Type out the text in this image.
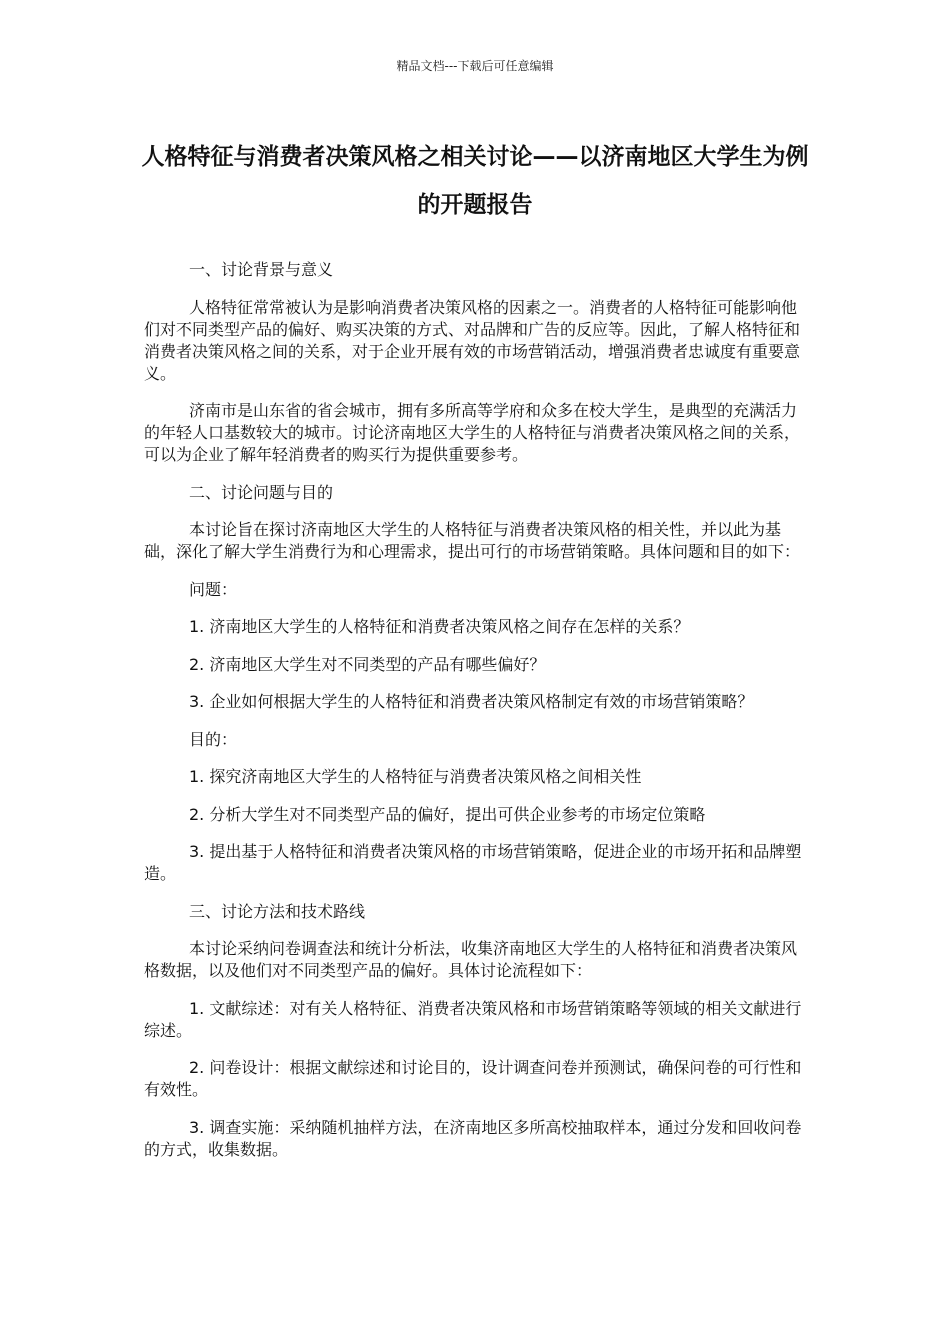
精品文档---下载后可任意编辑
人格特征与消费者决策风格之相关讨论——以济南地区大学生为例的开题报告

一、讨论背景与意义

人格特征常常被认为是影响消费者决策风格的因素之一。消费者的人格特征可能影响他们对不同类型产品的偏好、购买决策的方式、对品牌和广告的反应等。因此，了解人格特征和消费者决策风格之间的关系，对于企业开展有效的市场营销活动，增强消费者忠诚度有重要意义。

济南市是山东省的省会城市，拥有多所高等学府和众多在校大学生，是典型的充满活力的年轻人口基数较大的城市。讨论济南地区大学生的人格特征与消费者决策风格之间的关系，可以为企业了解年轻消费者的购买行为提供重要参考。

二、讨论问题与目的

本讨论旨在探讨济南地区大学生的人格特征与消费者决策风格的相关性，并以此为基础，深化了解大学生消费行为和心理需求，提出可行的市场营销策略。具体问题和目的如下：

问题：

1. 济南地区大学生的人格特征和消费者决策风格之间存在怎样的关系？

2. 济南地区大学生对不同类型的产品有哪些偏好？

3. 企业如何根据大学生的人格特征和消费者决策风格制定有效的市场营销策略？

目的：

1. 探究济南地区大学生的人格特征与消费者决策风格之间相关性

2. 分析大学生对不同类型产品的偏好，提出可供企业参考的市场定位策略

3. 提出基于人格特征和消费者决策风格的市场营销策略，促进企业的市场开拓和品牌塑造。

三、讨论方法和技术路线

本讨论采纳问卷调查法和统计分析法，收集济南地区大学生的人格特征和消费者决策风格数据，以及他们对不同类型产品的偏好。具体讨论流程如下：

1. 文献综述：对有关人格特征、消费者决策风格和市场营销策略等领域的相关文献进行综述。

2. 问卷设计：根据文献综述和讨论目的，设计调查问卷并预测试，确保问卷的可行性和有效性。

3. 调查实施：采纳随机抽样方法，在济南地区多所高校抽取样本，通过分发和回收问卷的方式，收集数据。
